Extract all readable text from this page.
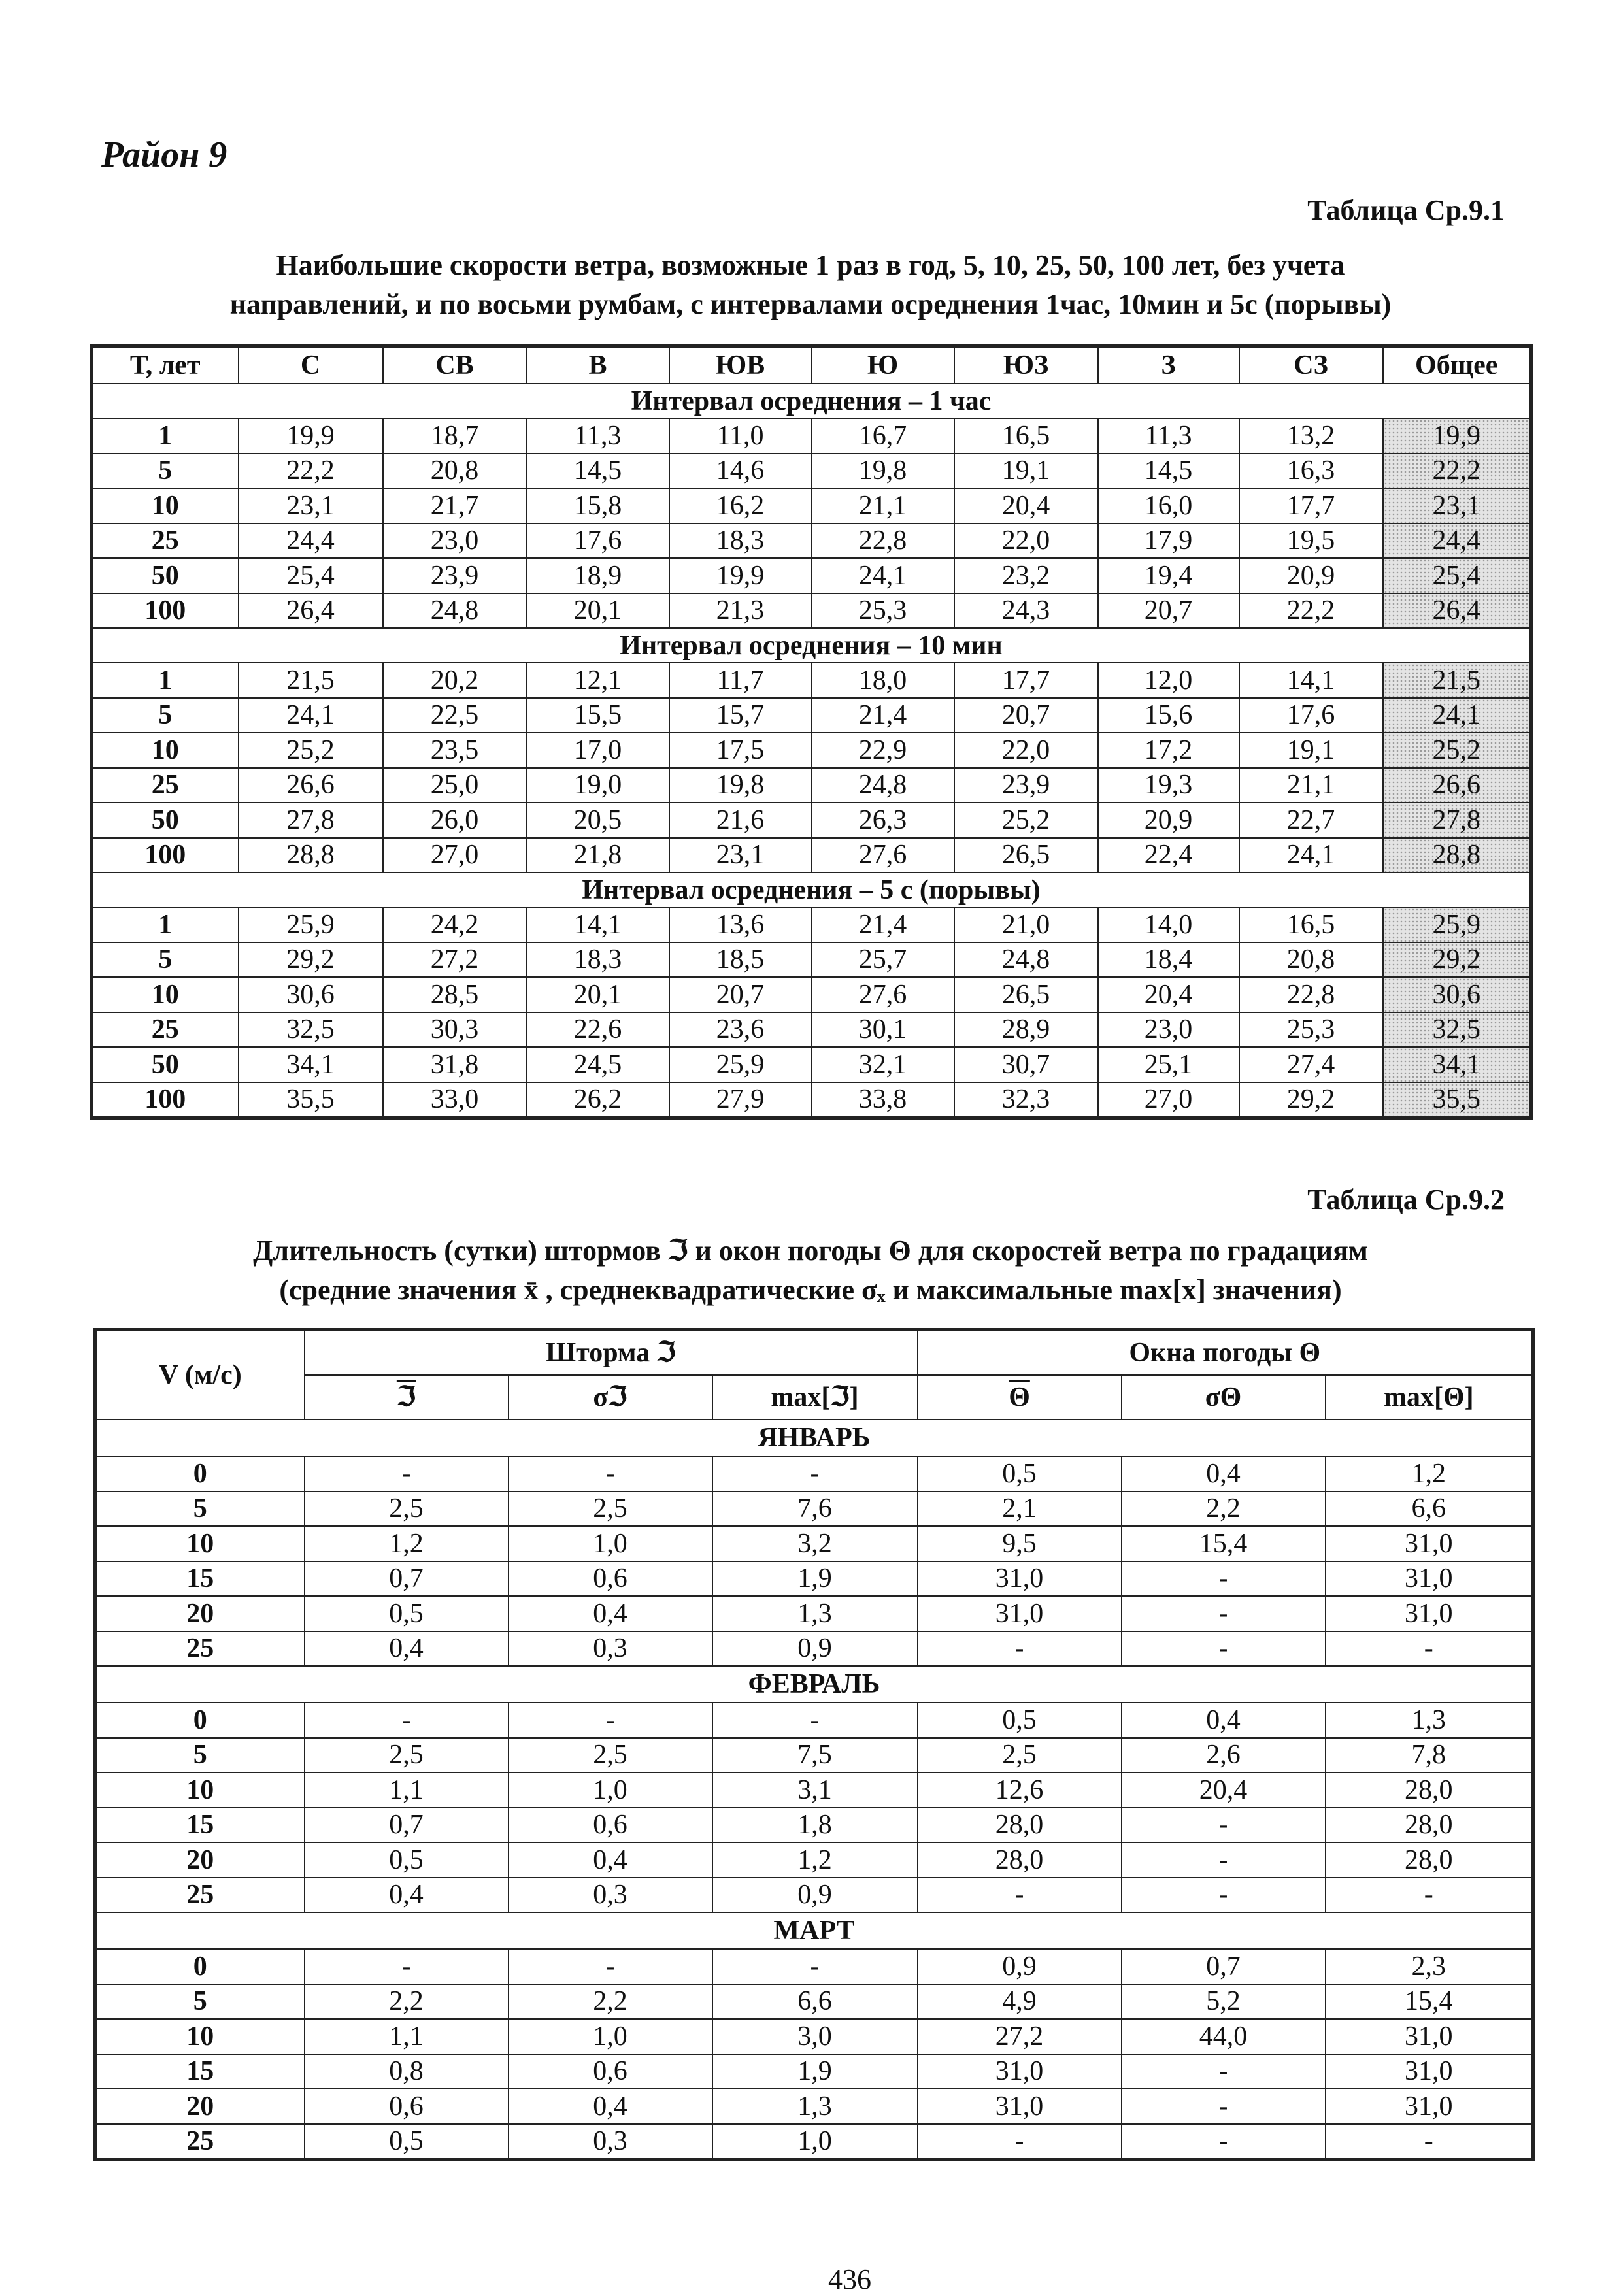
Район 9
Таблица Ср.9.1
Наибольшие скорости ветра, возможные 1 раз в год, 5, 10, 25, 50, 100 лет, без учета
направлений, и по восьми румбам, с интервалами осреднения 1час, 10мин и 5с (порывы)
Т, лет	С	СВ	В	ЮВ	Ю	ЮЗ	З	СЗ	Общее
Интервал осреднения – 1 час									
1	19,9	18,7	11,3	11,0	16,7	16,5	11,3	13,2	19,9
5	22,2	20,8	14,5	14,6	19,8	19,1	14,5	16,3	22,2
10	23,1	21,7	15,8	16,2	21,1	20,4	16,0	17,7	23,1
25	24,4	23,0	17,6	18,3	22,8	22,0	17,9	19,5	24,4
50	25,4	23,9	18,9	19,9	24,1	23,2	19,4	20,9	25,4
100	26,4	24,8	20,1	21,3	25,3	24,3	20,7	22,2	26,4
Интервал осреднения – 10 мин									
1	21,5	20,2	12,1	11,7	18,0	17,7	12,0	14,1	21,5
5	24,1	22,5	15,5	15,7	21,4	20,7	15,6	17,6	24,1
10	25,2	23,5	17,0	17,5	22,9	22,0	17,2	19,1	25,2
25	26,6	25,0	19,0	19,8	24,8	23,9	19,3	21,1	26,6
50	27,8	26,0	20,5	21,6	26,3	25,2	20,9	22,7	27,8
100	28,8	27,0	21,8	23,1	27,6	26,5	22,4	24,1	28,8
Интервал осреднения – 5 с (порывы)									
1	25,9	24,2	14,1	13,6	21,4	21,0	14,0	16,5	25,9
5	29,2	27,2	18,3	18,5	25,7	24,8	18,4	20,8	29,2
10	30,6	28,5	20,1	20,7	27,6	26,5	20,4	22,8	30,6
25	32,5	30,3	22,6	23,6	30,1	28,9	23,0	25,3	32,5
50	34,1	31,8	24,5	25,9	32,1	30,7	25,1	27,4	34,1
100	35,5	33,0	26,2	27,9	33,8	32,3	27,0	29,2	35,5
Таблица Ср.9.2
Длительность (сутки) штормов ℑ и окон погоды Θ для скоростей ветра по градациям
(средние значения x̄ , среднеквадратические σₓ и максимальные max[x] значения)
V (м/с)	Шторма ℑ			Окна погоды Θ		
	ℑ	σℑ	max[ℑ]	$\overline{\Theta}$	σΘ	max[Θ]
ЯНВАРЬ						
0	-	-	-	0,5	0,4	1,2
5	2,5	2,5	7,6	2,1	2,2	6,6
10	1,2	1,0	3,2	9,5	15,4	31,0
15	0,7	0,6	1,9	31,0	-	31,0
20	0,5	0,4	1,3	31,0	-	31,0
25	0,4	0,3	0,9	-	-	-
ФЕВРАЛЬ						
0	-	-	-	0,5	0,4	1,3
5	2,5	2,5	7,5	2,5	2,6	7,8
10	1,1	1,0	3,1	12,6	20,4	28,0
15	0,7	0,6	1,8	28,0	-	28,0
20	0,5	0,4	1,2	28,0	-	28,0
25	0,4	0,3	0,9	-	-	-
МАРТ						
0	-	-	-	0,9	0,7	2,3
5	2,2	2,2	6,6	4,9	5,2	15,4
10	1,1	1,0	3,0	27,2	44,0	31,0
15	0,8	0,6	1,9	31,0	-	31,0
20	0,6	0,4	1,3	31,0	-	31,0
25	0,5	0,3	1,0	-	-	-
436
